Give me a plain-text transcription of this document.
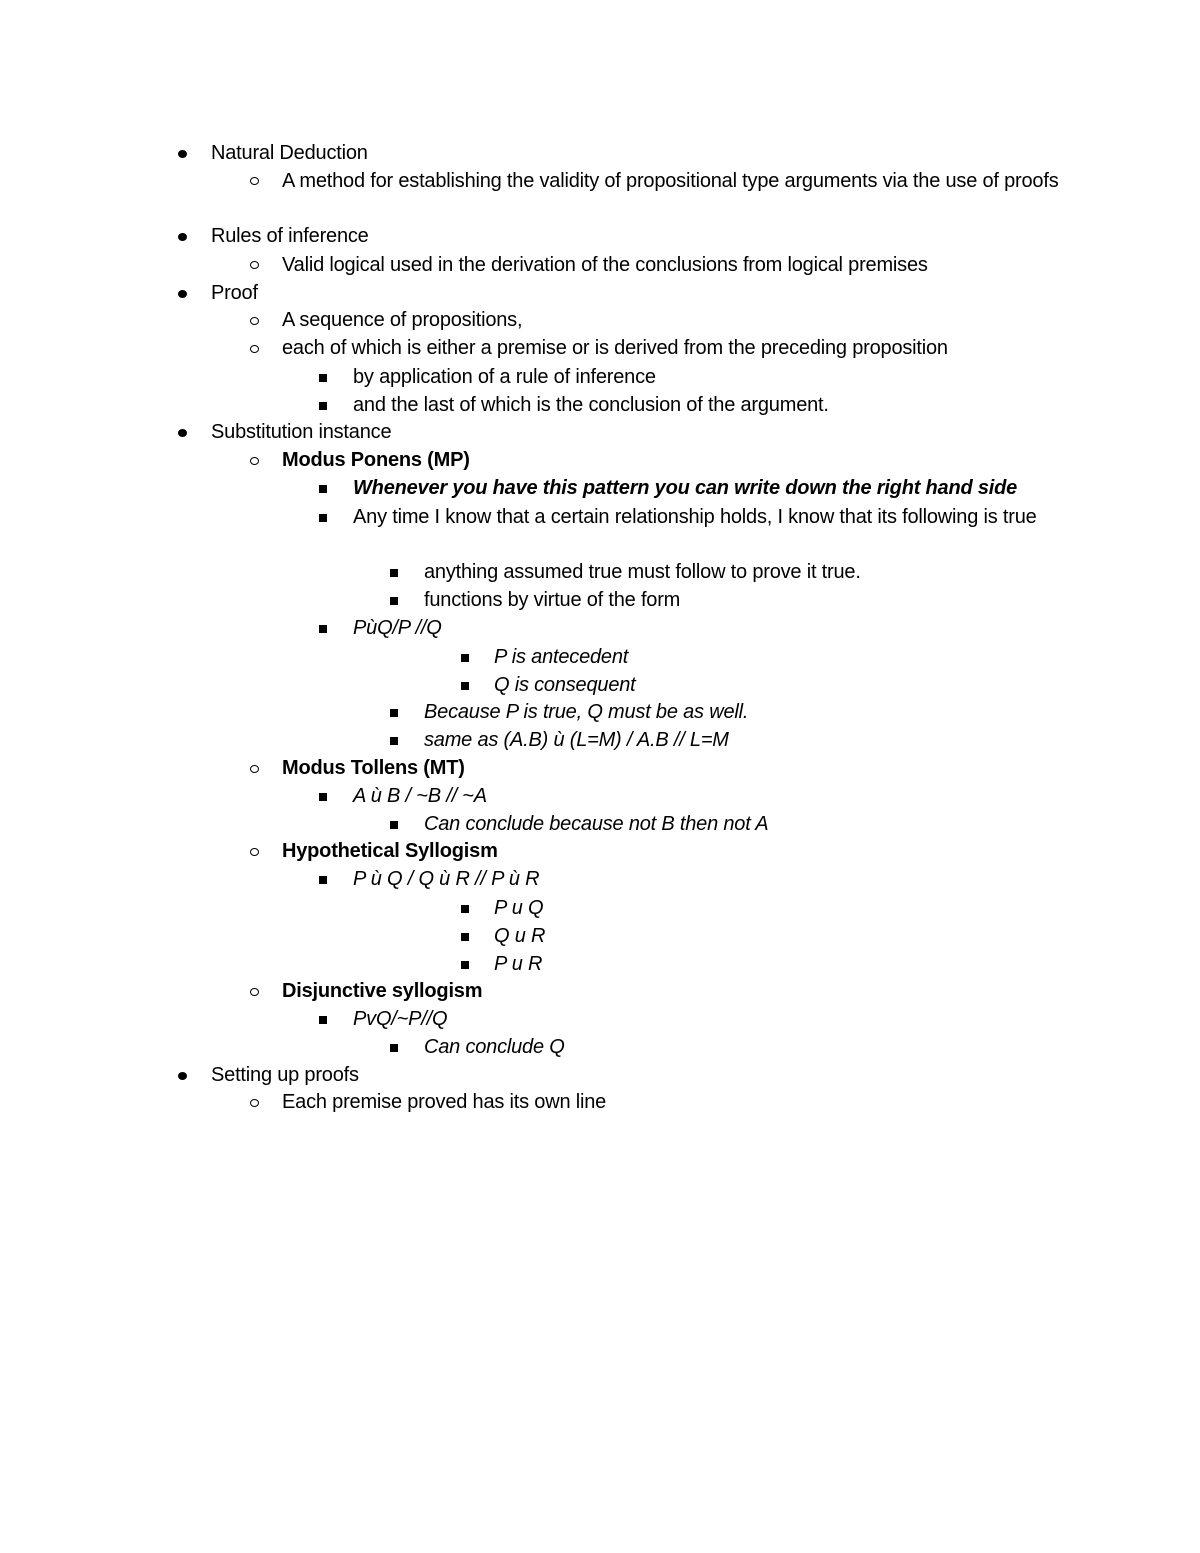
Natural Deduction
A method for establishing the validity of propositional type arguments via the use of proofs
Rules of inference
Valid logical used in the derivation of the conclusions from logical premises
Proof
A sequence of propositions,
each of which is either a premise or is derived from the preceding proposition
by application of a rule of inference
and the last of which is the conclusion of the argument.
Substitution instance
Modus Ponens (MP)
Whenever you have this pattern you can write down the right hand side
Any time I know that a certain relationship holds, I know that its following is true
anything assumed true must follow to prove it true.
functions by virtue of the form
PùQ/P //Q
P is antecedent
Q is consequent
Because P is true, Q must be as well.
same as (A.B) ù (L=M) / A.B // L=M
Modus Tollens (MT)
A ù B / ~B // ~A
Can conclude because not B then not A
Hypothetical Syllogism
P ù Q / Q ù R // P ù R
P u Q
Q u R
P u R
Disjunctive syllogism
PvQ/~P//Q
Can conclude Q
Setting up proofs
Each premise proved has its own line
